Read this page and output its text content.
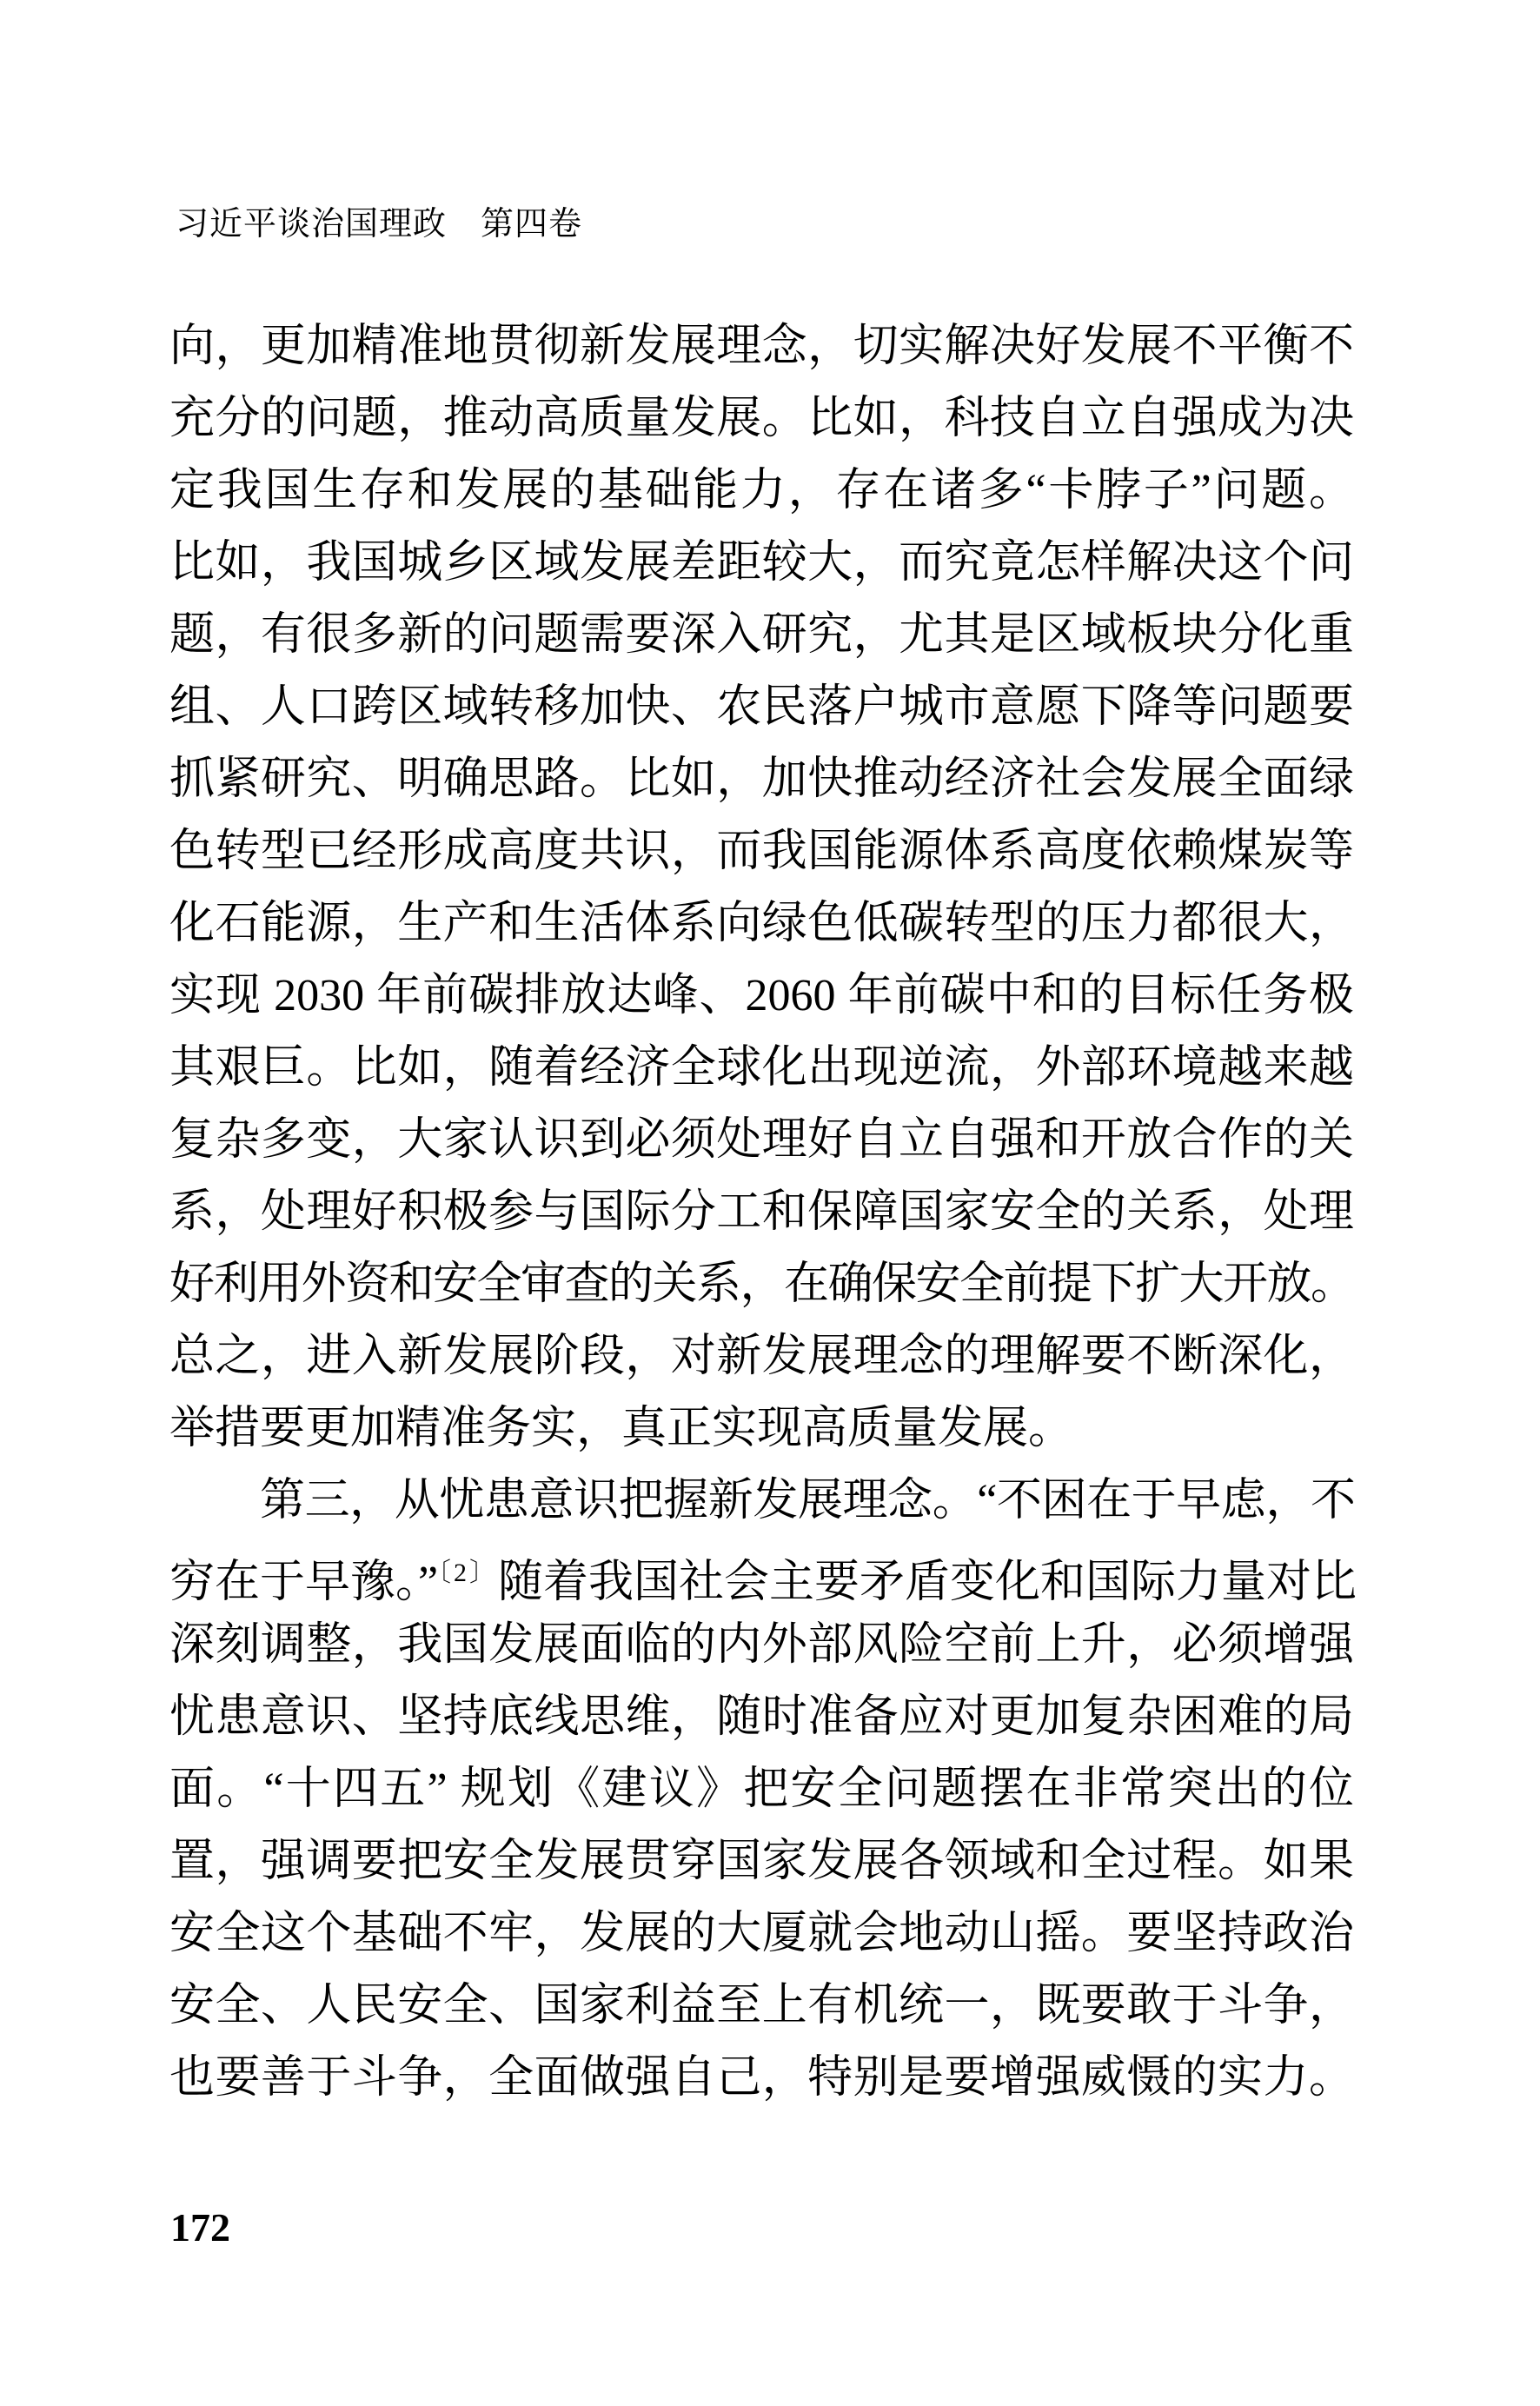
习近平谈治国理政　第四卷
向，更加精准地贯彻新发展理念，切实解决好发展不平衡不
充分的问题，推动高质量发展。比如，科技自立自强成为决
定我国生存和发展的基础能力，存在诸多“卡脖子”问题。
比如，我国城乡区域发展差距较大，而究竟怎样解决这个问
题，有很多新的问题需要深入研究，尤其是区域板块分化重
组、人口跨区域转移加快、农民落户城市意愿下降等问题要
抓紧研究、明确思路。比如，加快推动经济社会发展全面绿
色转型已经形成高度共识，而我国能源体系高度依赖煤炭等
化石能源，生产和生活体系向绿色低碳转型的压力都很大，
实现 2030 年前碳排放达峰、2060 年前碳中和的目标任务极
其艰巨。比如，随着经济全球化出现逆流，外部环境越来越
复杂多变，大家认识到必须处理好自立自强和开放合作的关
系，处理好积极参与国际分工和保障国家安全的关系，处理
好利用外资和安全审查的关系，在确保安全前提下扩大开放。
总之，进入新发展阶段，对新发展理念的理解要不断深化，
举措要更加精准务实，真正实现高质量发展。
第三，从忧患意识把握新发展理念。“不困在于早虑，不
穷在于早豫。”$^{〔2〕}$随着我国社会主要矛盾变化和国际力量对比
深刻调整，我国发展面临的内外部风险空前上升，必须增强
忧患意识、坚持底线思维，随时准备应对更加复杂困难的局
面。“十四五” 规划《建议》把安全问题摆在非常突出的位
置，强调要把安全发展贯穿国家发展各领域和全过程。如果
安全这个基础不牢，发展的大厦就会地动山摇。要坚持政治
安全、人民安全、国家利益至上有机统一，既要敢于斗争，
也要善于斗争，全面做强自己，特别是要增强威慑的实力。
172
